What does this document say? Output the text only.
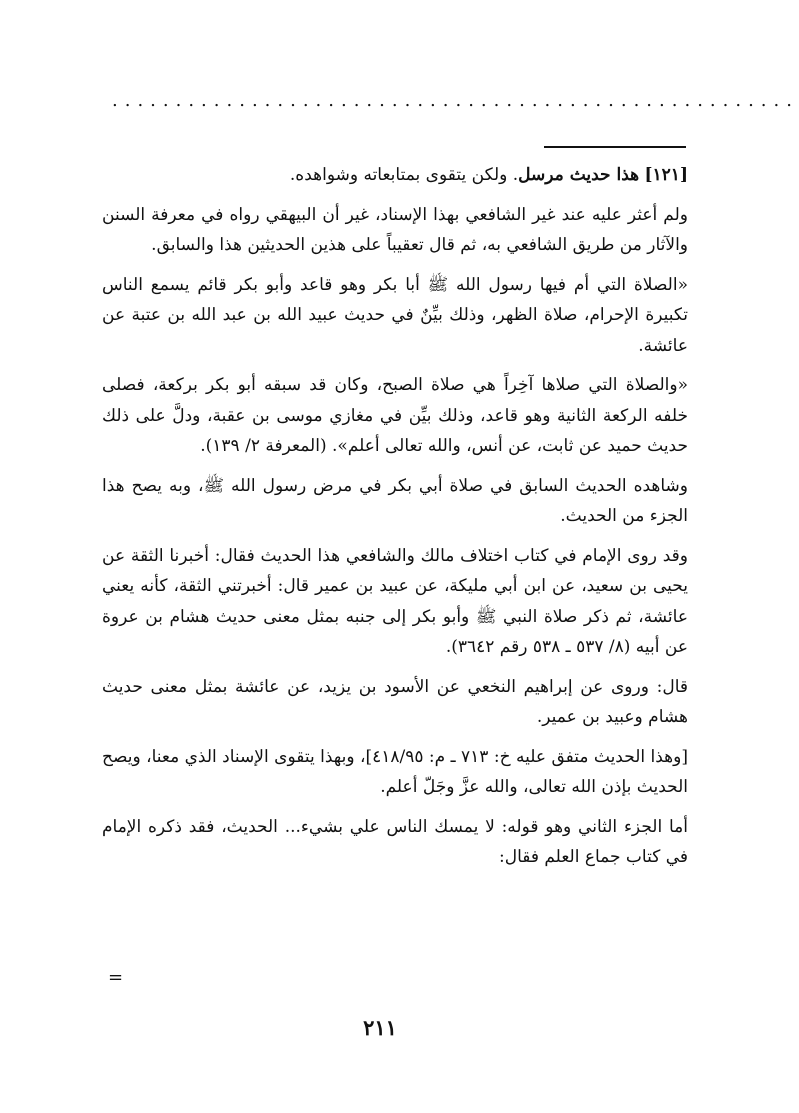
......................................................

[١٢١] هذا حديث مرسل. ولكن يتقوى بمتابعاته وشواهده.

ولم أعثر عليه عند غير الشافعي بهذا الإسناد، غير أن البيهقي رواه في معرفة السنن والآثار من طريق الشافعي به، ثم قال تعقيباً على هذين الحديثين هذا والسابق.

«الصلاة التي أم فيها رسول الله ﷺ أبا بكر وهو قاعد وأبو بكر قائم يسمع الناس تكبيرة الإحرام، صلاة الظهر، وذلك بيِّنٌ في حديث عبيد الله بن عبد الله بن عتبة عن عائشة.

«والصلاة التي صلاها آخِراً هي صلاة الصبح، وكان قد سبقه أبو بكر بركعة، فصلى خلفه الركعة الثانية وهو قاعد، وذلك بيِّن في مغازي موسى بن عقبة، ودلَّ على ذلك حديث حميد عن ثابت، عن أنس، والله تعالى أعلم». (المعرفة ٢/ ١٣٩).

وشاهده الحديث السابق في صلاة أبي بكر في مرض رسول الله ﷺ، وبه يصح هذا الجزء من الحديث.

وقد روى الإمام في كتاب اختلاف مالك والشافعي هذا الحديث فقال: أخبرنا الثقة عن يحيى بن سعيد، عن ابن أبي مليكة، عن عبيد بن عمير قال: أخبرتني الثقة، كأنه يعني عائشة، ثم ذكر صلاة النبي ﷺ وأبو بكر إلى جنبه بمثل معنى حديث هشام بن عروة عن أبيه (٨/ ٥٣٧ ـ ٥٣٨ رقم ٣٦٤٢).

قال: وروى عن إبراهيم النخعي عن الأسود بن يزيد، عن عائشة بمثل معنى حديث هشام وعبيد بن عمير.

[وهذا الحديث متفق عليه خ: ٧١٣ ـ م: ٤١٨/٩٥]، وبهذا يتقوى الإسناد الذي معنا، ويصح الحديث بإذن الله تعالى، والله عزَّ وجَلّ أعلم.

أما الجزء الثاني وهو قوله: لا يمسك الناس علي بشيء... الحديث، فقد ذكره الإمام في كتاب جماع العلم فقال:

=
٢١١
